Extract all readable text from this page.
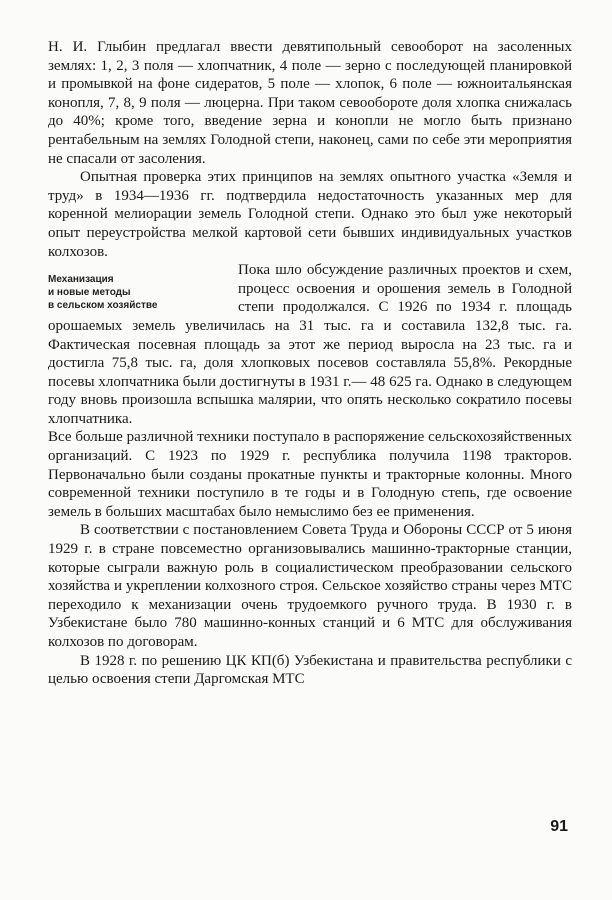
Н. И. Глыбин предлагал ввести девятипольный севооборот на засоленных землях: 1, 2, 3 поля — хлопчатник, 4 поле — зерно с последующей планировкой и промывкой на фоне сидератов, 5 поле — хлопок, 6 поле — южноитальянская конопля, 7, 8, 9 поля — люцерна. При таком севообороте доля хлопка снижалась до 40%; кроме того, введение зерна и конопли не могло быть признано рентабельным на землях Голодной степи, наконец, сами по себе эти мероприятия не спасали от засоления.

Опытная проверка этих принципов на землях опытного участка «Земля и труд» в 1934—1936 гг. подтвердила недостаточность указанных мер для коренной мелиорации земель Голодной степи. Однако это был уже некоторый опыт переустройства мелкой картовой сети бывших индивидуальных участков колхозов.

Механизация
и новые методы
в сельском хозяйстве

Пока шло обсуждение различных проектов и схем, процесс освоения и орошения земель в Голодной степи продолжался. С 1926 по 1934 г. площадь орошаемых земель увеличилась на 31 тыс. га и составила 132,8 тыс. га. Фактическая посевная площадь за этот же период выросла на 23 тыс. га и достигла 75,8 тыс. га, доля хлопковых посевов составляла 55,8%. Рекордные посевы хлопчатника были достигнуты в 1931 г.— 48 625 га. Однако в следующем году вновь произошла вспышка малярии, что опять несколько сократило посевы хлопчатника.

Все больше различной техники поступало в распоряжение сельскохозяйственных организаций. С 1923 по 1929 г. республика получила 1198 тракторов. Первоначально были созданы прокатные пункты и тракторные колонны. Много современной техники поступило в те годы и в Голодную степь, где освоение земель в больших масштабах было немыслимо без ее применения.

В соответствии с постановлением Совета Труда и Обороны СССР от 5 июня 1929 г. в стране повсеместно организовывались машинно-тракторные станции, которые сыграли важную роль в социалистическом преобразовании сельского хозяйства и укреплении колхозного строя. Сельское хозяйство страны через МТС переходило к механизации очень трудоемкого ручного труда. В 1930 г. в Узбекистане было 780 машинно-конных станций и 6 МТС для обслуживания колхозов по договорам.

В 1928 г. по решению ЦК КП(б) Узбекистана и правительства республики с целью освоения степи Даргомская МТС

91
